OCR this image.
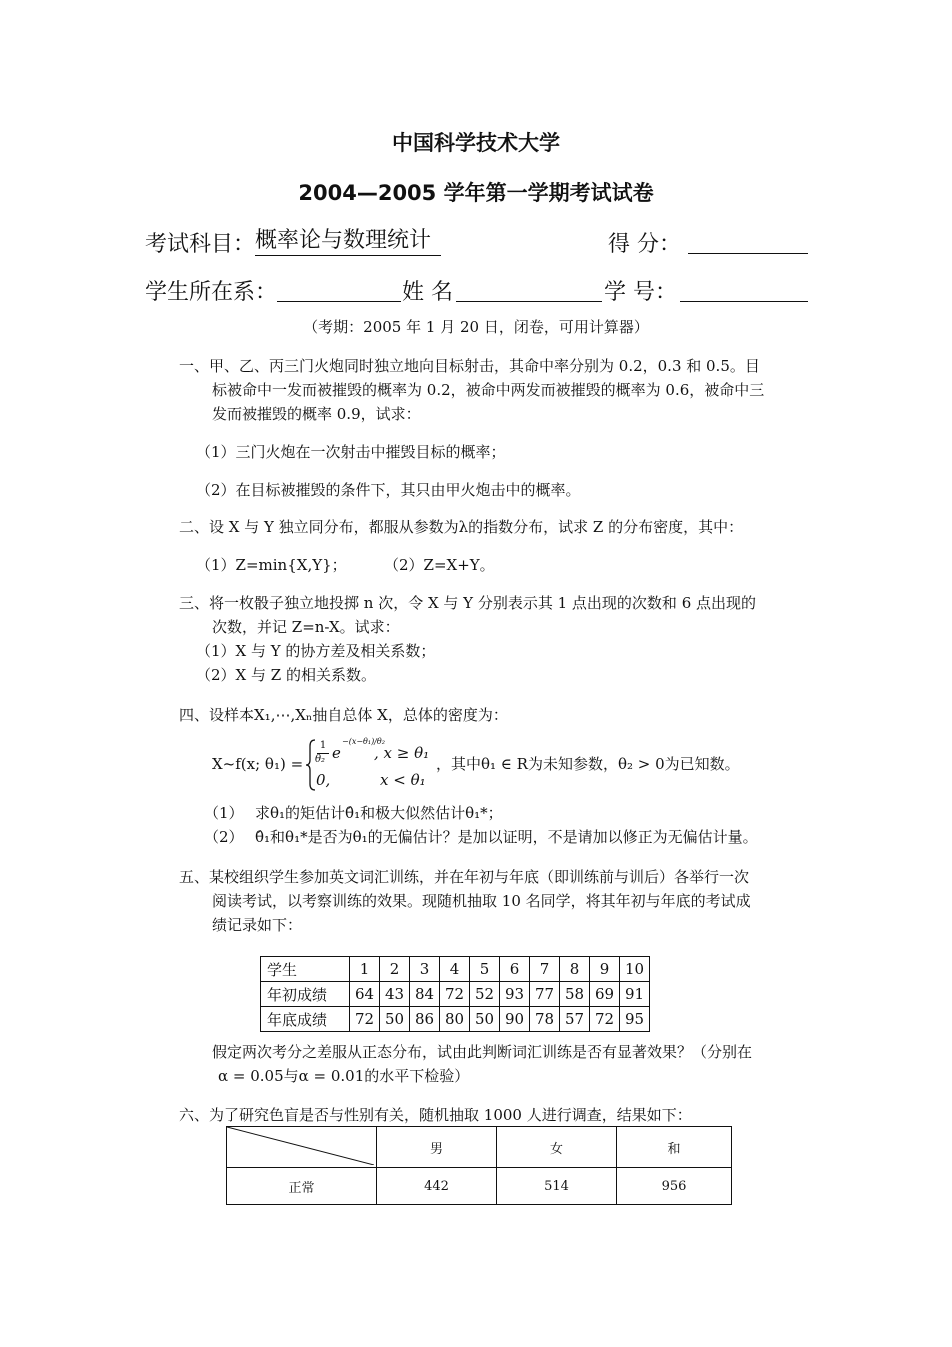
中国科学技术大学
2004—2005 学年第一学期考试试卷
考试科目： 概率论与数理统计	得 分：
学生所在系：	姓 名	学 号：
（考期：2005 年 1 月 20 日，闭卷，可用计算器）
一、甲、乙、丙三门火炮同时独立地向目标射击，其命中率分别为 0.2，0.3 和 0.5。目
标被命中一发而被摧毁的概率为 0.2，被命中两发而被摧毁的概率为 0.6，被命中三
发而被摧毁的概率 0.9，试求：
（1）三门火炮在一次射击中摧毁目标的概率；
（2）在目标被摧毁的条件下，其只由甲火炮击中的概率。
二、设 X 与 Y 独立同分布，都服从参数为λ的指数分布，试求 Z 的分布密度，其中：
（1）Z=min{X,Y}； （2）Z=X+Y。
三、将一枚骰子独立地投掷 n 次，令 X 与 Y 分别表示其 1 点出现的次数和 6 点出现的
次数，并记 Z=n-X。试求：
（1）X 与 Y 的协方差及相关系数；
（2）X 与 Z 的相关系数。
四、设样本X₁,⋯,Xₙ抽自总体 X，总体的密度为：
X~f(x; θ₁) =
1
θ₂ e
−(x−θ₁)/θ₂
, x ≥ θ₁
0,	x < θ₁
，其中θ₁ ∈ R为未知参数，θ₂ > 0为已知数。
（1） 求θ₁的矩估计θ̂₁和极大似然估计θ₁*；
（2） θ̂₁和θ₁*是否为θ₁的无偏估计？是加以证明，不是请加以修正为无偏估计量。
五、某校组织学生参加英文词汇训练，并在年初与年底（即训练前与训后）各举行一次
阅读考试，以考察训练的效果。现随机抽取 10 名同学，将其年初与年底的考试成
绩记录如下：
学生	1	2	3	4	5	6	7	8	9	10
年初成绩	64	43	84	72	52	93	77	58	69	91
年底成绩	72	50	86	80	50	90	78	57	72	95
假定两次考分之差服从正态分布，试由此判断词汇训练是否有显著效果？（分别在
α = 0.05与α = 0.01的水平下检验）
六、为了研究色盲是否与性别有关，随机抽取 1000 人进行调查，结果如下：
	男	女	和
正常	442	514	956
